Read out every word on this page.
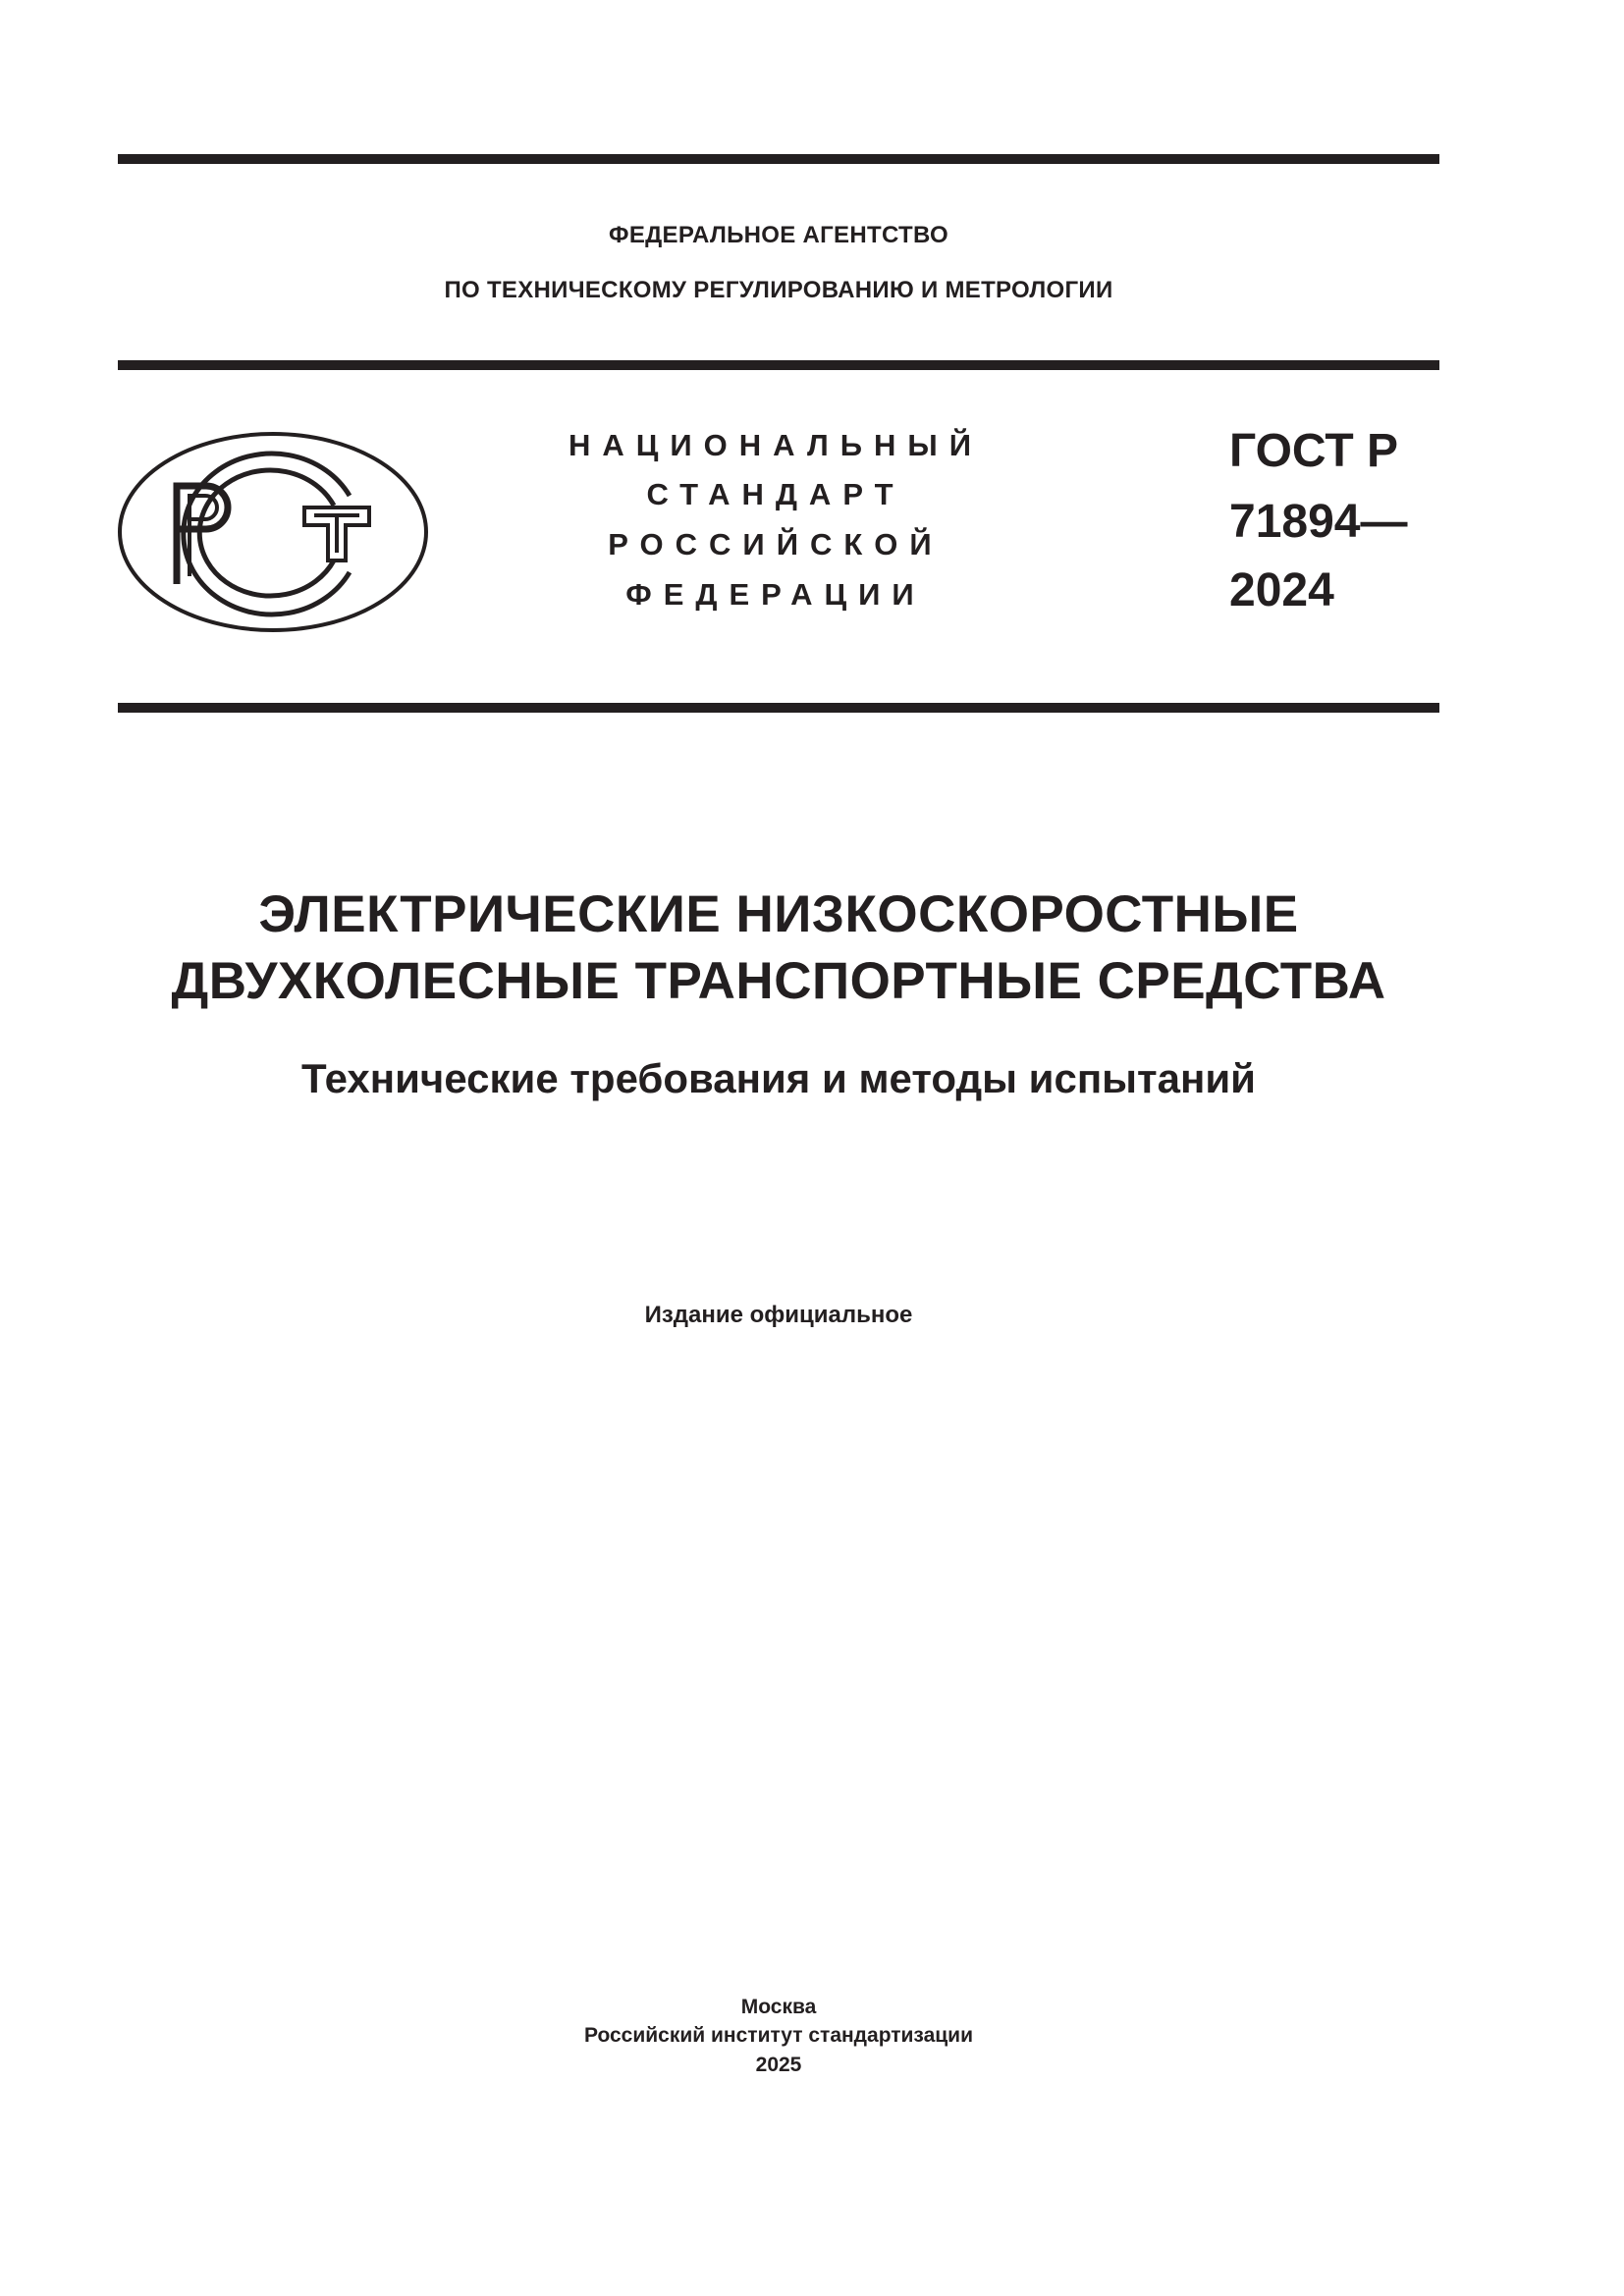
ФЕДЕРАЛЬНОЕ АГЕНТСТВО
ПО ТЕХНИЧЕСКОМУ РЕГУЛИРОВАНИЮ И МЕТРОЛОГИИ
НАЦИОНАЛЬНЫЙ
СТАНДАРТ
РОССИЙСКОЙ
ФЕДЕРАЦИИ
ГОСТ Р
71894—
2024
ЭЛЕКТРИЧЕСКИЕ НИЗКОСКОРОСТНЫЕ
ДВУХКОЛЕСНЫЕ ТРАНСПОРТНЫЕ СРЕДСТВА
Технические требования и методы испытаний
Издание официальное
Москва
Российский институт стандартизации
2025
